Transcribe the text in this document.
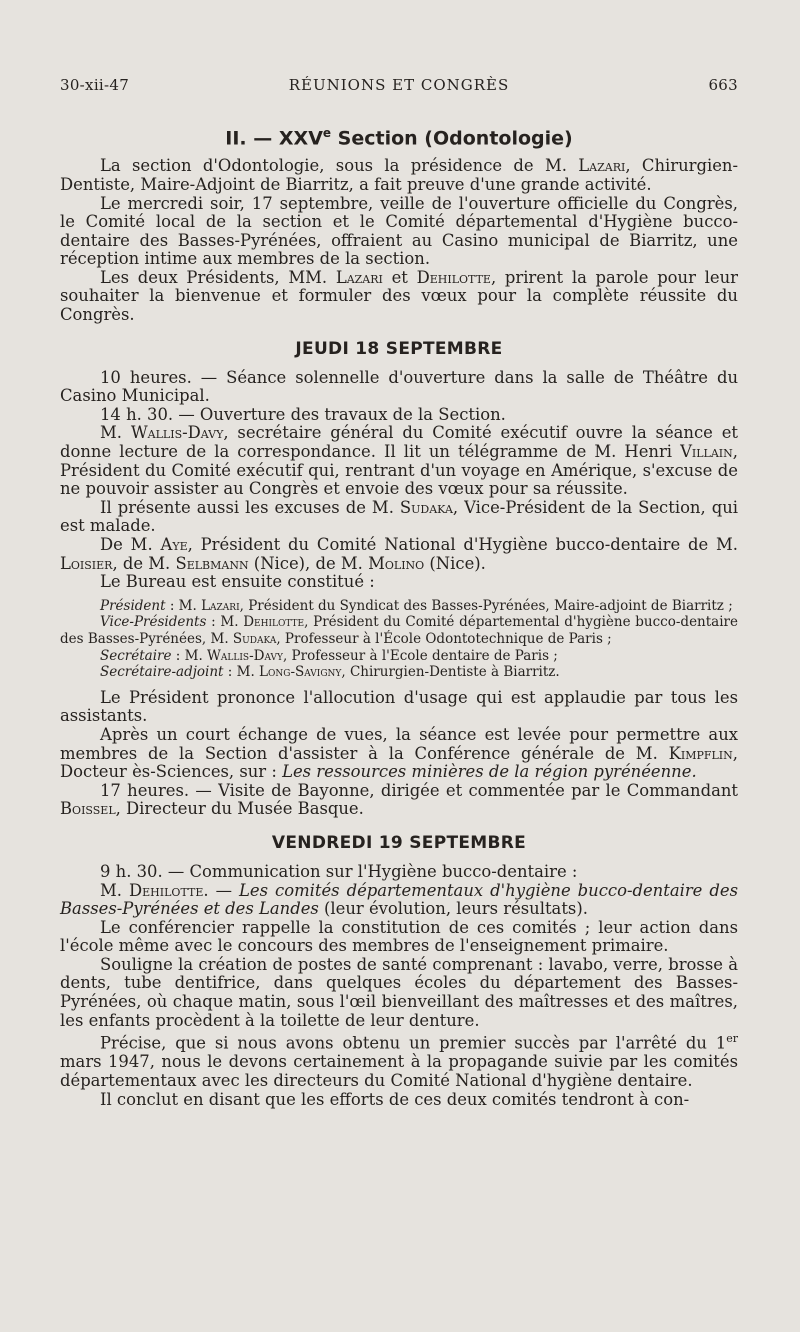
30-xii-47	RÉUNIONS ET CONGRÈS	663
II. — XXVe Section (Odontologie)

La section d'Odontologie, sous la présidence de M. Lazari, Chirurgien-Dentiste, Maire-Adjoint de Biarritz, a fait preuve d'une grande activité.

Le mercredi soir, 17 septembre, veille de l'ouverture officielle du Congrès, le Comité local de la section et le Comité départemental d'Hygiène bucco-dentaire des Basses-Pyrénées, offraient au Casino municipal de Biarritz, une réception intime aux membres de la section.

Les deux Présidents, MM. Lazari et Dehilotte, prirent la parole pour leur souhaiter la bienvenue et formuler des vœux pour la complète réussite du Congrès.

JEUDI 18 SEPTEMBRE

10 heures. — Séance solennelle d'ouverture dans la salle de Théâtre du Casino Municipal.

14 h. 30. — Ouverture des travaux de la Section.

M. Wallis-Davy, secrétaire général du Comité exécutif ouvre la séance et donne lecture de la correspondance. Il lit un télégramme de M. Henri Villain, Président du Comité exécutif qui, rentrant d'un voyage en Amérique, s'excuse de ne pouvoir assister au Congrès et envoie des vœux pour sa réussite.

Il présente aussi les excuses de M. Sudaka, Vice-Président de la Section, qui est malade.

De M. Aye, Président du Comité National d'Hygiène bucco-dentaire de M. Loisier, de M. Selbmann (Nice), de M. Molino (Nice).

Le Bureau est ensuite constitué :

Président : M. Lazari, Président du Syndicat des Basses-Pyrénées, Maire-adjoint de Biarritz ;
Vice-Présidents : M. Dehilotte, Président du Comité départemental d'hygiène bucco-dentaire des Basses-Pyrénées, M. Sudaka, Professeur à l'École Odontotechnique de Paris ;
Secrétaire : M. Wallis-Davy, Professeur à l'Ecole dentaire de Paris ;
Secrétaire-adjoint : M. Long-Savigny, Chirurgien-Dentiste à Biarritz.

Le Président prononce l'allocution d'usage qui est applaudie par tous les assistants.

Après un court échange de vues, la séance est levée pour permettre aux membres de la Section d'assister à la Conférence générale de M. Kimpflin, Docteur ès-Sciences, sur : Les ressources minières de la région pyrénéenne.

17 heures. — Visite de Bayonne, dirigée et commentée par le Commandant Boissel, Directeur du Musée Basque.

VENDREDI 19 SEPTEMBRE

9 h. 30. — Communication sur l'Hygiène bucco-dentaire :

M. Dehilotte. — Les comités départementaux d'hygiène bucco-dentaire des Basses-Pyrénées et des Landes (leur évolution, leurs résultats).

Le conférencier rappelle la constitution de ces comités ; leur action dans l'école même avec le concours des membres de l'enseignement primaire.

Souligne la création de postes de santé comprenant : lavabo, verre, brosse à dents, tube dentifrice, dans quelques écoles du département des Basses-Pyrénées, où chaque matin, sous l'œil bienveillant des maîtresses et des maîtres, les enfants procèdent à la toilette de leur denture.

Précise, que si nous avons obtenu un premier succès par l'arrêté du 1er mars 1947, nous le devons certainement à la propagande suivie par les comités départementaux avec les directeurs du Comité National d'hygiène dentaire.

Il conclut en disant que les efforts de ces deux comités tendront à con-
